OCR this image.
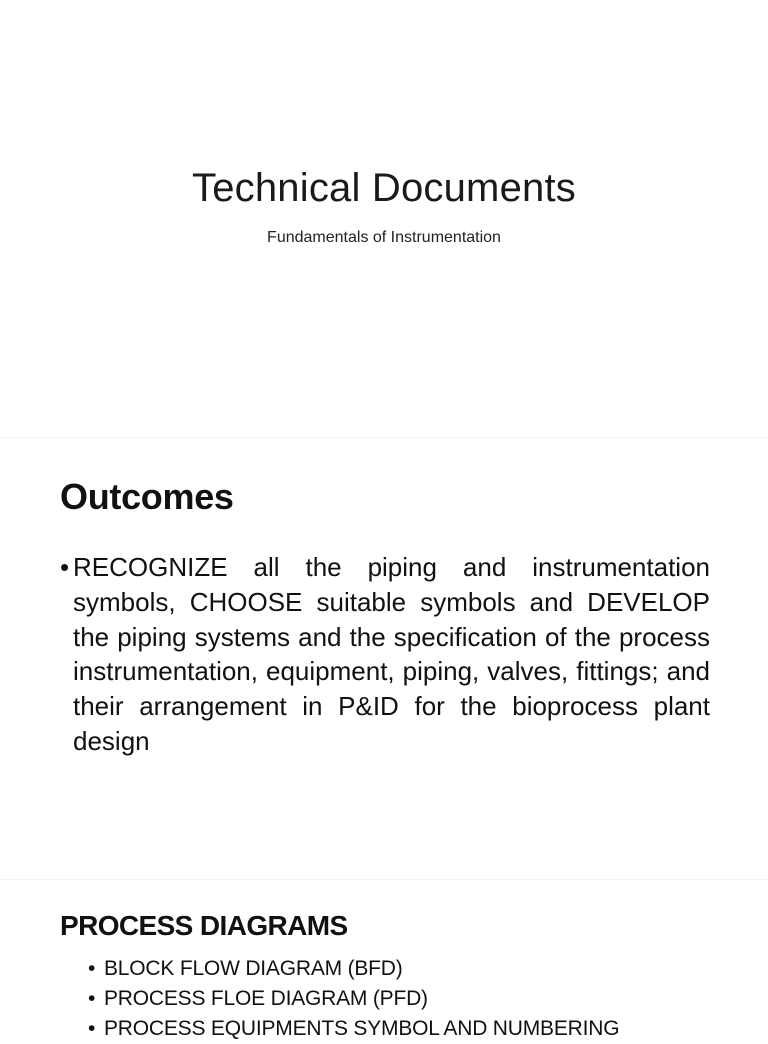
Technical Documents

Fundamentals of Instrumentation

Outcomes
• RECOGNIZE all the piping and instrumentation symbols, CHOOSE suitable symbols and DEVELOP the piping systems and the specification of the process instrumentation, equipment, piping, valves, fittings; and their arrangement in P&ID for the bioprocess plant design
PROCESS DIAGRAMS
• BLOCK FLOW DIAGRAM (BFD)
• PROCESS FLOE DIAGRAM (PFD)
• PROCESS EQUIPMENTS SYMBOL AND NUMBERING
